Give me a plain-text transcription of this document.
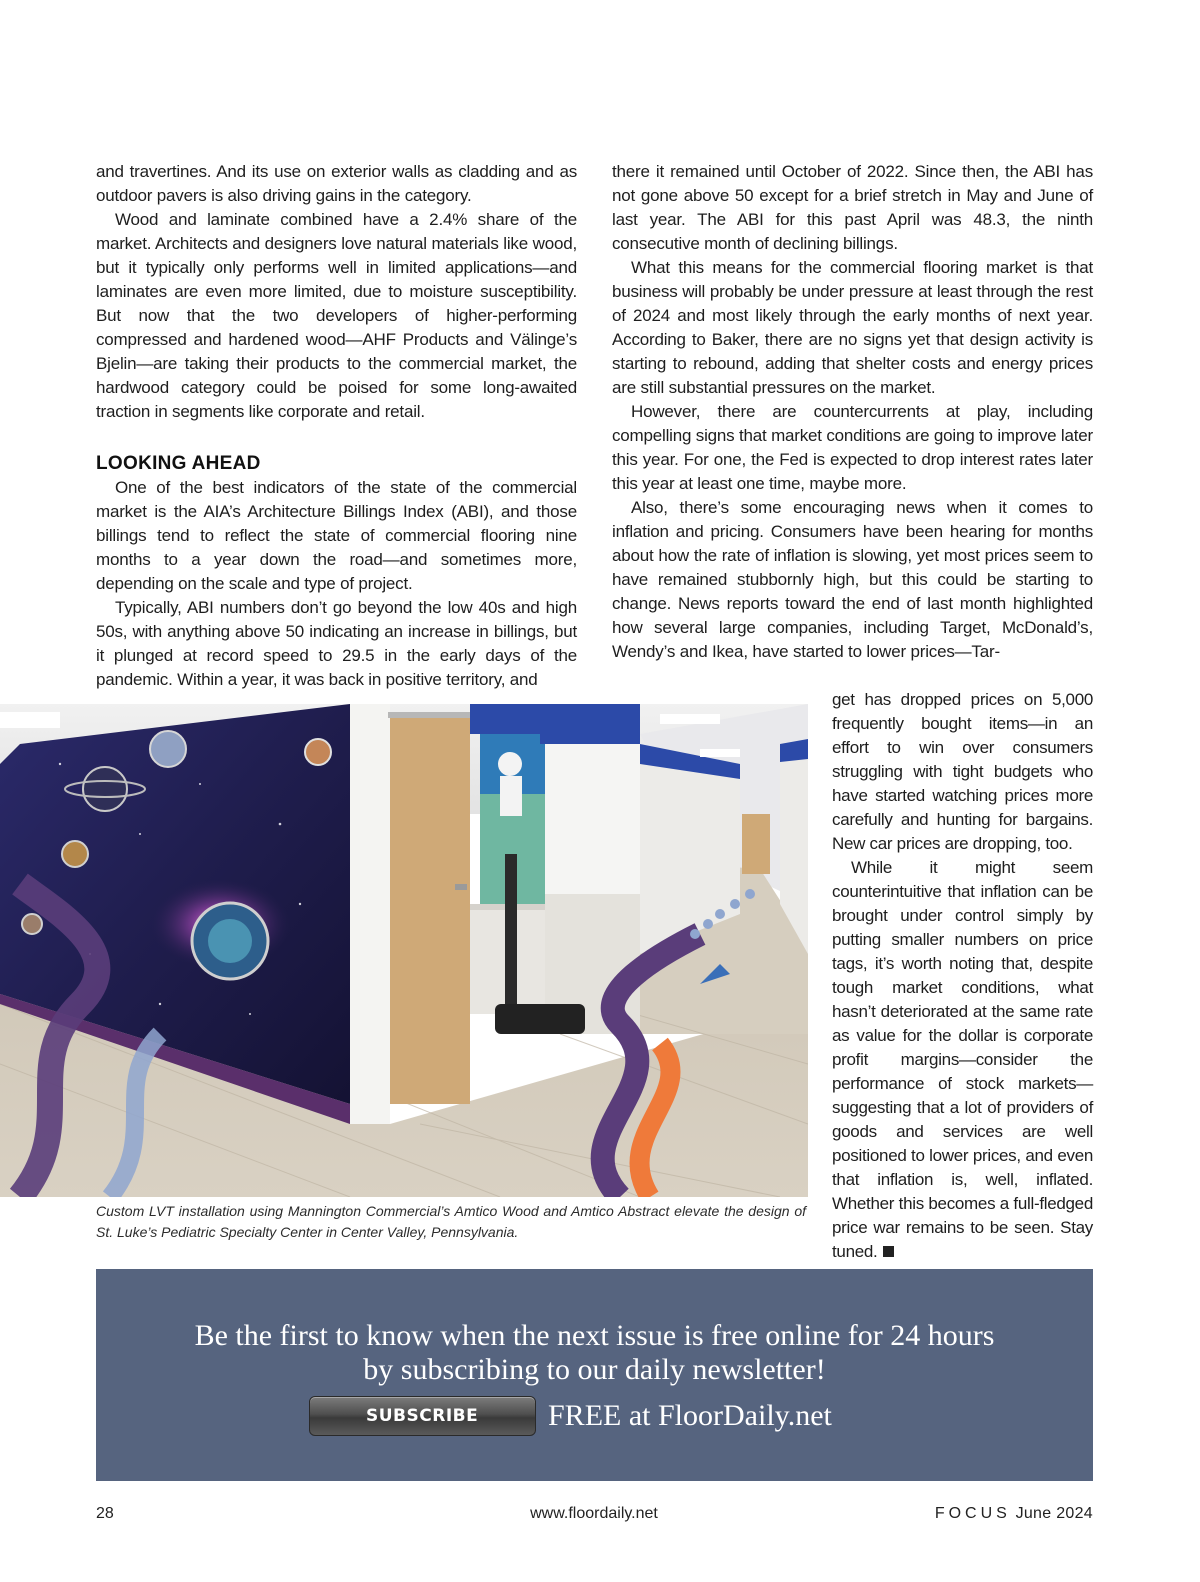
and travertines. And its use on exterior walls as cladding and as outdoor pavers is also driving gains in the category.

Wood and laminate combined have a 2.4% share of the market. Architects and designers love natural materials like wood, but it typically only performs well in limited applications—and laminates are even more limited, due to moisture susceptibility. But now that the two developers of higher-performing compressed and hardened wood—AHF Products and Välinge’s Bjelin—are taking their products to the commercial market, the hardwood category could be poised for some long-awaited traction in segments like corporate and retail.

LOOKING AHEAD

One of the best indicators of the state of the commercial market is the AIA’s Architecture Billings Index (ABI), and those billings tend to reflect the state of commercial flooring nine months to a year down the road—and sometimes more, depending on the scale and type of project.

Typically, ABI numbers don’t go beyond the low 40s and high 50s, with anything above 50 indicating an increase in billings, but it plunged at record speed to 29.5 in the early days of the pandemic. Within a year, it was back in positive territory, and

there it remained until October of 2022. Since then, the ABI has not gone above 50 except for a brief stretch in May and June of last year. The ABI for this past April was 48.3, the ninth consecutive month of declining billings.

What this means for the commercial flooring market is that business will probably be under pressure at least through the rest of 2024 and most likely through the early months of next year. According to Baker, there are no signs yet that design activity is starting to rebound, adding that shelter costs and energy prices are still substantial pressures on the market.

However, there are countercurrents at play, including compelling signs that market conditions are going to improve later this year. For one, the Fed is expected to drop interest rates later this year at least one time, maybe more.

Also, there’s some encouraging news when it comes to inflation and pricing. Consumers have been hearing for months about how the rate of inflation is slowing, yet most prices seem to have remained stubbornly high, but this could be starting to change. News reports toward the end of last month highlighted how several large companies, including Target, McDonald’s, Wendy’s and Ikea, have started to lower prices—Tar-

get has dropped prices on 5,000 frequently bought items—in an effort to win over consumers struggling with tight budgets who have started watching prices more carefully and hunting for bargains. New car prices are dropping, too.

While it might seem counterintuitive that inflation can be brought under control simply by putting smaller numbers on price tags, it’s worth noting that, despite tough market conditions, what hasn’t deteriorated at the same rate as value for the dollar is corporate profit margins—consider the performance of stock markets—suggesting that a lot of providers of goods and services are well positioned to lower prices, and even that inflation is, well, inflated. Whether this becomes a full-fledged price war remains to be seen. Stay tuned.

Custom LVT installation using Mannington Commercial’s Amtico Wood and Amtico Abstract elevate the design of St. Luke’s Pediatric Specialty Center in Center Valley, Pennsylvania.
Be the first to know when the next issue is free online for 24 hours
by subscribing to our daily newsletter!
SUBSCRIBE	FREE at FloorDaily.net
28	www.floordaily.net	FOCUS June 2024
